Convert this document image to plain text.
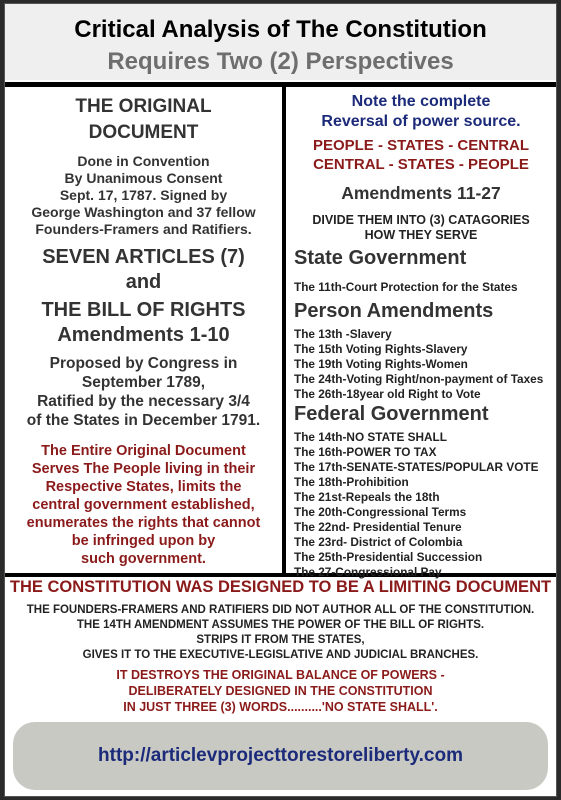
Critical Analysis of The Constitution
Requires Two (2) Perspectives
THE ORIGINAL
DOCUMENT
Done in Convention
By Unanimous Consent
Sept. 17, 1787. Signed by
George Washington and 37 fellow
Founders-Framers and Ratifiers.
SEVEN ARTICLES (7)
and
THE BILL OF RIGHTS
Amendments 1-10
Proposed by Congress in
September 1789,
Ratified by the necessary 3/4
of the States in December 1791.
The Entire Original Document
Serves The People living in their
Respective States, limits the
central government established,
enumerates the rights that cannot
be infringed upon by
such government.
Note the complete
Reversal of power source.
PEOPLE - STATES - CENTRAL
CENTRAL - STATES - PEOPLE
Amendments 11-27
DIVIDE THEM INTO (3) CATAGORIES
HOW THEY SERVE
State Government
The 11th-Court Protection for the States
Person Amendments
The 13th -Slavery
The 15th Voting Rights-Slavery
The 19th Voting Rights-Women
The 24th-Voting Right/non-payment of Taxes
The 26th-18year old Right to Vote
Federal Government
The 14th-NO STATE SHALL
The 16th-POWER TO TAX
The 17th-SENATE-STATES/POPULAR VOTE
The 18th-Prohibition
The 21st-Repeals the 18th
The 20th-Congressional Terms
The 22nd- Presidential Tenure
The 23rd- District of Colombia
The 25th-Presidential Succession
The 27-Congressional Pay
THE CONSTITUTION WAS DESIGNED TO BE A LIMITING DOCUMENT
THE FOUNDERS-FRAMERS AND RATIFIERS DID NOT AUTHOR ALL OF THE CONSTITUTION.
THE 14TH AMENDMENT ASSUMES THE POWER OF THE BILL OF RIGHTS.
STRIPS IT FROM THE STATES,
GIVES IT TO THE EXECUTIVE-LEGISLATIVE AND JUDICIAL BRANCHES.
IT DESTROYS THE ORIGINAL BALANCE OF POWERS -
DELIBERATELY DESIGNED IN THE CONSTITUTION
IN JUST THREE (3) WORDS..........'NO STATE SHALL'.
http://articlevprojecttorestoreliberty.com
